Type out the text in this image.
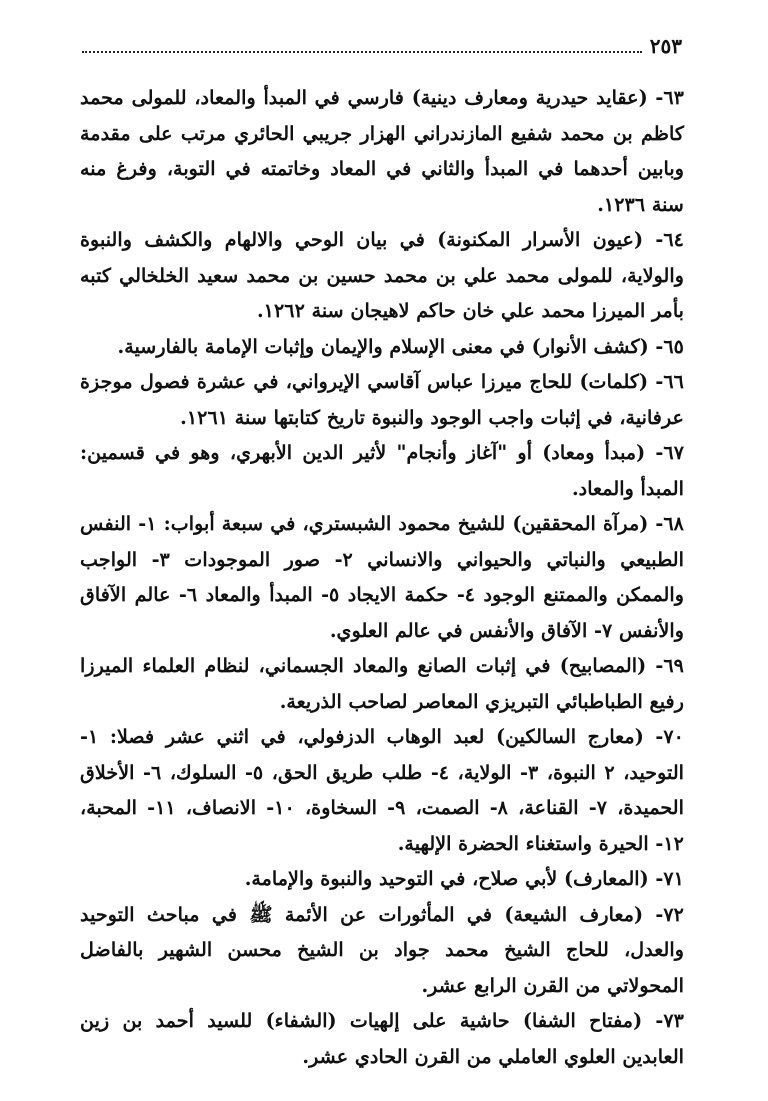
٢٥٣

٦٣- (عقايد حيدرية ومعارف دينية) فارسي في المبدأ والمعاد، للمولى محمد كاظم بن محمد شفيع المازندراني الهزار جريبي الحائري مرتب على مقدمة وبابين أحدهما في المبدأ والثاني في المعاد وخاتمته في التوبة، وفرغ منه سنة ١٢٣٦.

٦٤- (عيون الأسرار المكنونة) في بيان الوحي والالهام والكشف والنبوة والولاية، للمولى محمد علي بن محمد حسين بن محمد سعيد الخلخالي كتبه بأمر الميرزا محمد علي خان حاكم لاهيجان سنة ١٢٦٢.

٦٥- (كشف الأنوار) في معنى الإسلام والإيمان وإثبات الإمامة بالفارسية.

٦٦- (كلمات) للحاج ميرزا عباس آقاسي الإيرواني، في عشرة فصول موجزة عرفانية، في إثبات واجب الوجود والنبوة تاريخ كتابتها سنة ١٢٦١.

٦٧- (مبدأ ومعاد) أو "آغاز وأنجام" لأثير الدين الأبهري، وهو في قسمين: المبدأ والمعاد.

٦٨- (مرآة المحققين) للشيخ محمود الشبستري، في سبعة أبواب: ١- النفس الطبيعي والنباتي والحيواني والانساني ٢- صور الموجودات ٣- الواجب والممكن والممتنع الوجود ٤- حكمة الايجاد ٥- المبدأ والمعاد ٦- عالم الآفاق والأنفس ٧- الآفاق والأنفس في عالم العلوي.

٦٩- (المصابيح) في إثبات الصانع والمعاد الجسماني، لنظام العلماء الميرزا رفيع الطباطبائي التبريزي المعاصر لصاحب الذريعة.

٧٠- (معارج السالكين) لعبد الوهاب الدزفولي، في اثني عشر فصلا: ١- التوحيد، ٢ النبوة، ٣- الولاية، ٤- طلب طريق الحق، ٥- السلوك، ٦- الأخلاق الحميدة، ٧- القناعة، ٨- الصمت، ٩- السخاوة، ١٠- الانصاف، ١١- المحبة، ١٢- الحيرة واستغناء الحضرة الإلهية.

٧١- (المعارف) لأبي صلاح، في التوحيد والنبوة والإمامة.

٧٢- (معارف الشيعة) في المأثورات عن الأئمة ﷺ في مباحث التوحيد والعدل، للحاج الشيخ محمد جواد بن الشيخ محسن الشهير بالفاضل المحولاتي من القرن الرابع عشر.

٧٣- (مفتاح الشفا) حاشية على إلهيات (الشفاء) للسيد أحمد بن زين العابدين العلوي العاملي من القرن الحادي عشر.
